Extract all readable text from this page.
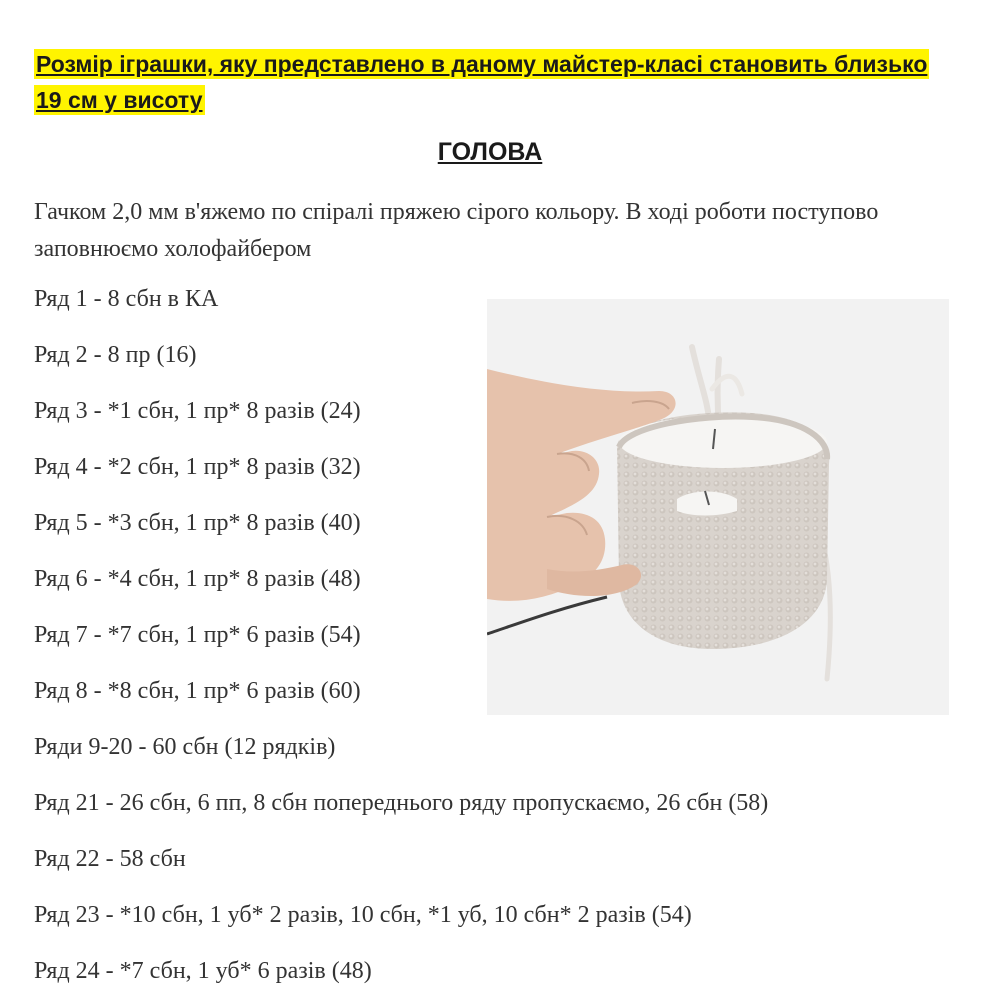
Розмір іграшки, яку представлено в даному майстер-класі становить близько 19 см у висоту
ГОЛОВА
Гачком 2,0 мм в'яжемо по спіралі пряжею сірого кольору. В ході роботи поступово заповнюємо холофайбером
Ряд 1 - 8 сбн в КА
Ряд 2 - 8 пр (16)
Ряд 3 - *1 сбн, 1 пр* 8 разів (24)
Ряд 4 - *2 сбн, 1 пр* 8 разів (32)
Ряд 5 - *3 сбн, 1 пр* 8 разів (40)
Ряд 6 - *4 сбн, 1 пр* 8 разів (48)
Ряд 7 - *7 сбн, 1 пр* 6 разів (54)
Ряд 8 - *8 сбн, 1 пр* 6 разів (60)
Ряди 9-20 - 60 сбн (12 рядків)
Ряд 21 - 26 сбн, 6 пп, 8 сбн попереднього ряду пропускаємо, 26 сбн (58)
Ряд 22 - 58 сбн
Ряд 23 - *10 сбн, 1 уб* 2 разів, 10 сбн, *1 уб, 10 сбн* 2 разів (54)
Ряд 24 - *7 сбн, 1 уб* 6 разів (48)
